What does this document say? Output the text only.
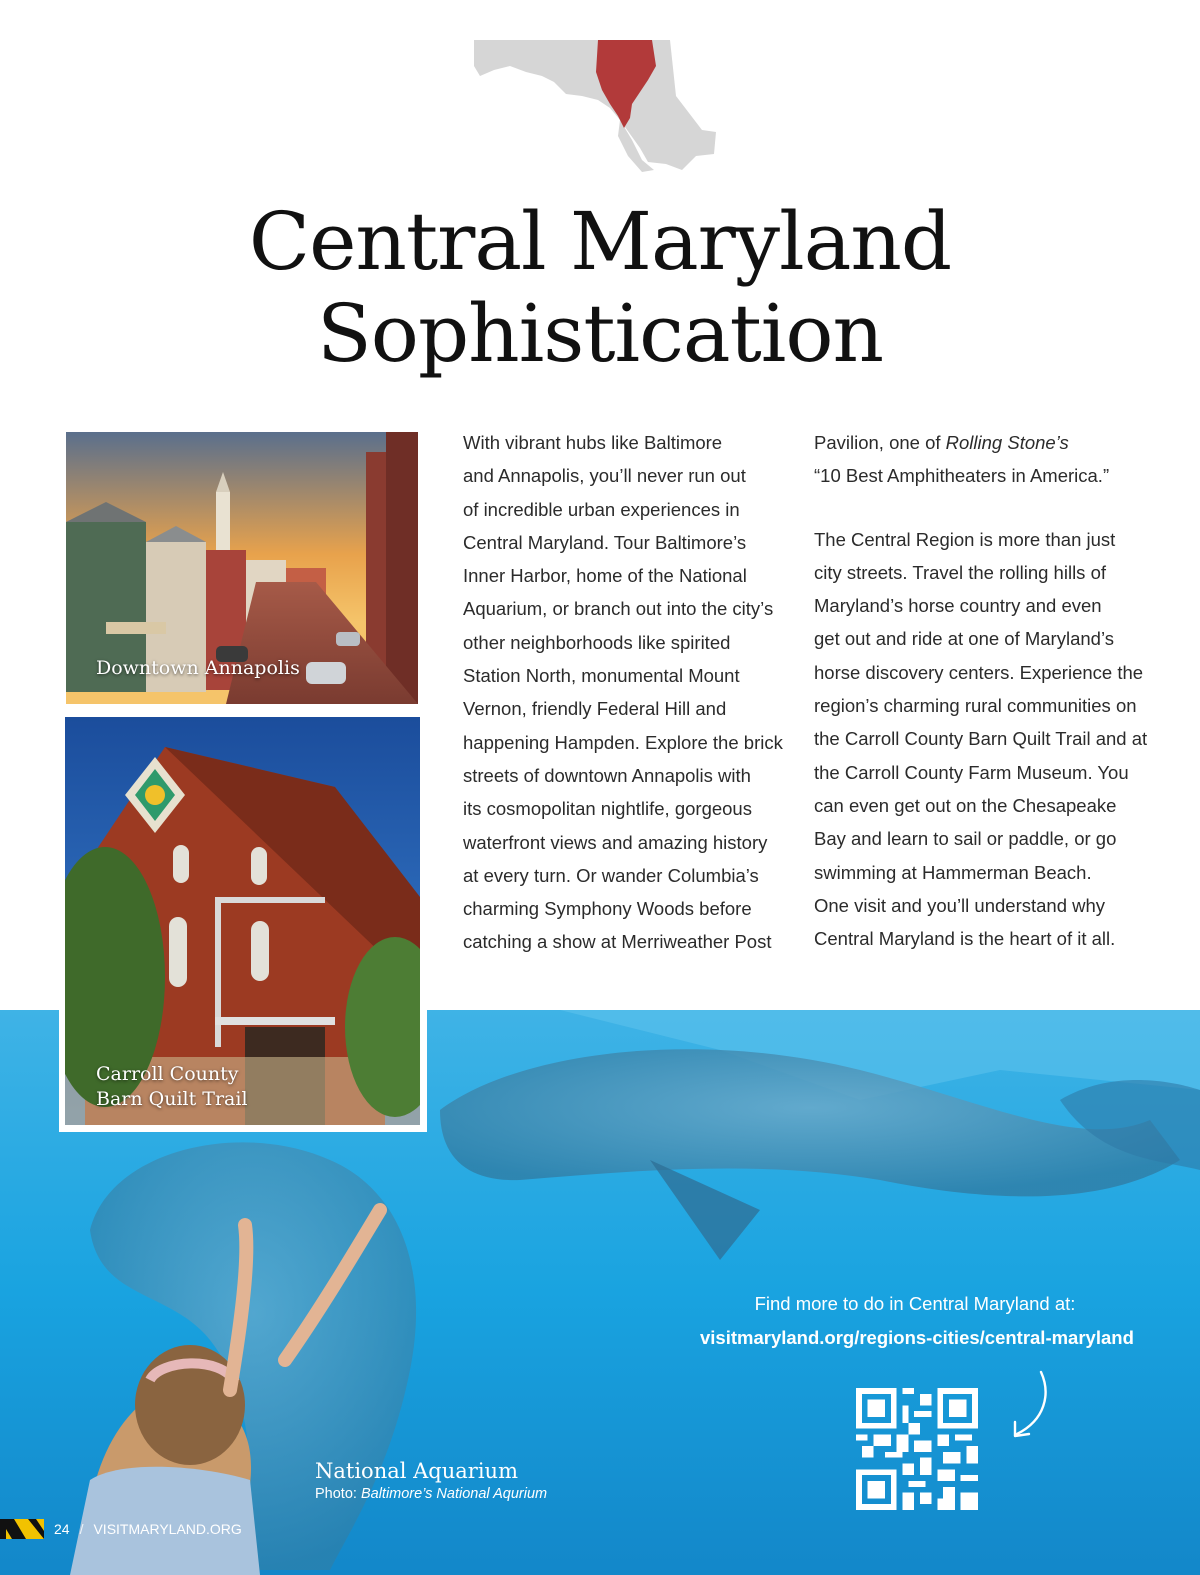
Central Maryland
Sophistication
Downtown Annapolis
Carroll County
Barn Quilt Trail
With vibrant hubs like Baltimore
and Annapolis, you’ll never run out
of incredible urban experiences in
Central Maryland. Tour Baltimore’s
Inner Harbor, home of the National
Aquarium, or branch out into the city’s
other neighborhoods like spirited
Station North, monumental Mount
Vernon, friendly Federal Hill and
happening Hampden. Explore the brick
streets of downtown Annapolis with
its cosmopolitan nightlife, gorgeous
waterfront views and amazing history
at every turn. Or wander Columbia’s
charming Symphony Woods before
catching a show at Merriweather Post

Pavilion, one of Rolling Stone’s
“10 Best Amphitheaters in America.”

The Central Region is more than just
city streets. Travel the rolling hills of
Maryland’s horse country and even
get out and ride at one of Maryland’s
horse discovery centers. Experience the
region’s charming rural communities on
the Carroll County Barn Quilt Trail and at
the Carroll County Farm Museum. You
can even get out on the Chesapeake
Bay and learn to sail or paddle, or go
swimming at Hammerman Beach.
One visit and you’ll understand why
Central Maryland is the heart of it all.

Find more to do in Central Maryland at:
visitmaryland.org/regions-cities/central-maryland
National Aquarium
Photo: Baltimore’s National Aqurium
24 / VISITMARYLAND.ORG
